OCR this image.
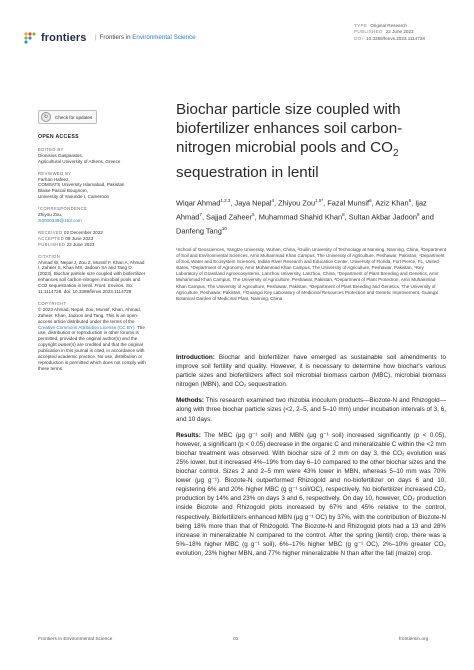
frontiers	| Frontiers in Environmental Science
TYPE Original Research
PUBLISHED 22 June 2023
DOI 10.3389/fenvs.2023.1114728
↻	Check for updates
OPEN ACCESS
EDITED BY
Dionisios Gasparatos,
Agricultural University of Athens, Greece
REVIEWED BY
Farhan Hafeez,
COMSATS University Islamabad, Pakistan
Blaise Pascal Bougnom,
University of Yaounde I, Cameroon
*CORRESPONDENCE
Zhiyou Zou,
zt0000339@163.com
RECEIVED 02 December 2022
ACCEPTED 09 June 2023
PUBLISHED 22 June 2023
CITATION
Ahmad W, Nepal J, Zou Z, Munsif F, Khan A, Ahmad I, Zaheer S, Khan MS, Jadoon SA and Tang D (2023). Biochar particle size coupled with biofertilizer enhances soil carbon-nitrogen microbial pools and CO2 sequestration in lentil. Front. Environ. Sci. 11:1114728. doi: 10.3389/fenvs.2023.1114728
COPYRIGHT
© 2023 Ahmad, Nepal, Zou, Munsif, Khan, Ahmad, Zaheer, Khan, Jadoon and Tang. This is an open-access article distributed under the terms of the Creative Commons Attribution License (CC BY). The use, distribution or reproduction in other forums is permitted, provided the original author(s) and the copyright owner(s) are credited and that the original publication in this journal is cited, in accordance with accepted academic practice. No use, distribution or reproduction is permitted which does not comply with these terms.
Biochar particle size coupled with
biofertilizer enhances soil carbon-
nitrogen microbial pools and $CO_2$
sequestration in lentil
Wiqar Ahmad$^{1,2,3}$, Jaya Nepal$^4$, Zhiyou Zou$^{1,5*}$, Fazal Munsif$^6$, Aziz Khan$^6$, Ijaz Ahmad$^7$, Sajjad Zaheer$^5$, Muhammad Shahid Khan$^8$, Sultan Akbar Jadoon$^9$ and Danfeng Tang$^{10}$
¹School of Geosciences, Yangtze University, Wuhan, China, ²Guilin University of Technology at Nanning, Nanning, China, ³Department of Soil and Environmental Sciences, Amir Muhammad Khan Campus, The University of Agriculture, Peshawar, Pakistan, ⁴Department of Soil, Water and Ecosystem Sciences, Indian River Research and Education Center, University of Florida, Fort Pierce, FL, United states, ⁵Department of Agronomy, Amir Muhammad Khan Campus, The University of Agriculture, Peshawar, Pakistan, ⁶Key Laboratory of Grassland Agroecosystems, Lanzhou University, Lanzhou, China, ⁷Department of Plant Breeding and Genetics, Amir Muhammad Khan Campus, The University of Agriculture, Peshawar, Pakistan, ⁸Department of Plant Protection, Amir Muhammad Khan Campus, The University of Agriculture, Peshawar, Pakistan, ⁹Department of Plant Breeding and Genetics, The University of Agriculture, Peshawar, Pakistan, ¹⁰Guangxi Key Laboratory of Medicinal Resources Protection and Genetic Improvement, Guangxi Botanical Garden of Medicinal Plant, Nanning, China

Introduction: Biochar and biofertilizer have emerged as sustainable soil amendments to improve soil fertility and quality. However, it is necessary to determine how biochar's various particle sizes and biofertilizers affect soil microbial biomass carbon (MBC), microbial biomass nitrogen (MBN), and CO₂ sequestration.

Methods: This research examined two rhizobia inoculum products—Biozote-N and Rhizogold—along with three biochar particle sizes (<2, 2–5, and 5–10 mm) under incubation intervals of 3, 6, and 10 days.

Results: The MBC (μg g⁻¹ soil) and MBN (μg g⁻¹ soil) increased significantly (p < 0.05), however, a significant (p < 0.05) decrease in the organic C and mineralizable C within the <2 mm biochar treatment was observed. With biochar size of 2 mm on day 3, the CO₂ evolution was 25% lower, but it increased 4%–19% from day 6–10 compared to the other biochar sizes and the biochar control. Sizes 2 and 2–5 mm were 43% lower in MBN, whereas 5–10 mm was 70% lower (μg g⁻¹). Biozote-N outperformed Rhizogold and no-biofertilizer on days 6 and 10, registering 6% and 20% higher MBC (g g⁻¹ soil/OC), respectively. No biofertilizer increased CO₂ production by 14% and 23% on days 3 and 6, respectively. On day 10, however, CO₂ production inside Biozote and Rhizogold plots increased by 67% and 45% relative to the control, respectively. Biofertilizers enhanced MBN (μg g⁻¹ OC) by 37%, with the contribution of Biozote-N being 18% more than that of Rhizogold. The Biozote-N and Rhizogold plots had a 13 and 28% increase in mineralizable N compared to the control. After the spring (lentil) crop, there was a 5%–18% higher MBC (g g⁻¹ soil), 6%–17% higher MBC (g g⁻¹ OC), 2%–10% greater CO₂ evolution, 23% higher MBN, and 77% higher mineralizable N than after the fall (maize) crop.

Frontiers in Environmental Science	01	frontiersin.org
